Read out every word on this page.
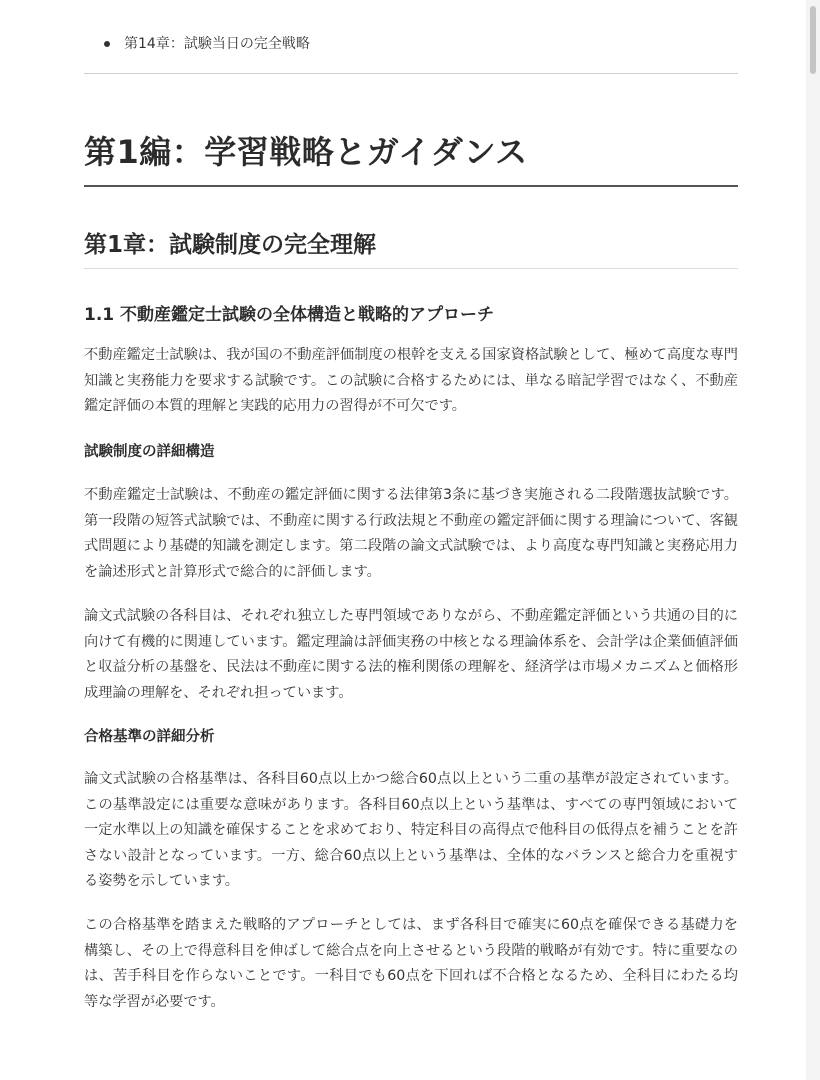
第14章：試験当日の完全戦略
第1編：学習戦略とガイダンス
第1章：試験制度の完全理解
1.1 不動産鑑定士試験の全体構造と戦略的アプローチ

不動産鑑定士試験は、我が国の不動産評価制度の根幹を支える国家資格試験として、極めて高度な専門知識と実務能力を要求する試験です。この試験に合格するためには、単なる暗記学習ではなく、不動産鑑定評価の本質的理解と実践的応用力の習得が不可欠です。

試験制度の詳細構造

不動産鑑定士試験は、不動産の鑑定評価に関する法律第3条に基づき実施される二段階選抜試験です。第一段階の短答式試験では、不動産に関する行政法規と不動産の鑑定評価に関する理論について、客観式問題により基礎的知識を測定します。第二段階の論文式試験では、より高度な専門知識と実務応用力を論述形式と計算形式で総合的に評価します。

論文式試験の各科目は、それぞれ独立した専門領域でありながら、不動産鑑定評価という共通の目的に向けて有機的に関連しています。鑑定理論は評価実務の中核となる理論体系を、会計学は企業価値評価と収益分析の基盤を、民法は不動産に関する法的権利関係の理解を、経済学は市場メカニズムと価格形成理論の理解を、それぞれ担っています。

合格基準の詳細分析

論文式試験の合格基準は、各科目60点以上かつ総合60点以上という二重の基準が設定されています。この基準設定には重要な意味があります。各科目60点以上という基準は、すべての専門領域において一定水準以上の知識を確保することを求めており、特定科目の高得点で他科目の低得点を補うことを許さない設計となっています。一方、総合60点以上という基準は、全体的なバランスと総合力を重視する姿勢を示しています。

この合格基準を踏まえた戦略的アプローチとしては、まず各科目で確実に60点を確保できる基礎力を構築し、その上で得意科目を伸ばして総合点を向上させるという段階的戦略が有効です。特に重要なのは、苦手科目を作らないことです。一科目でも60点を下回れば不合格となるため、全科目にわたる均等な学習が必要です。
